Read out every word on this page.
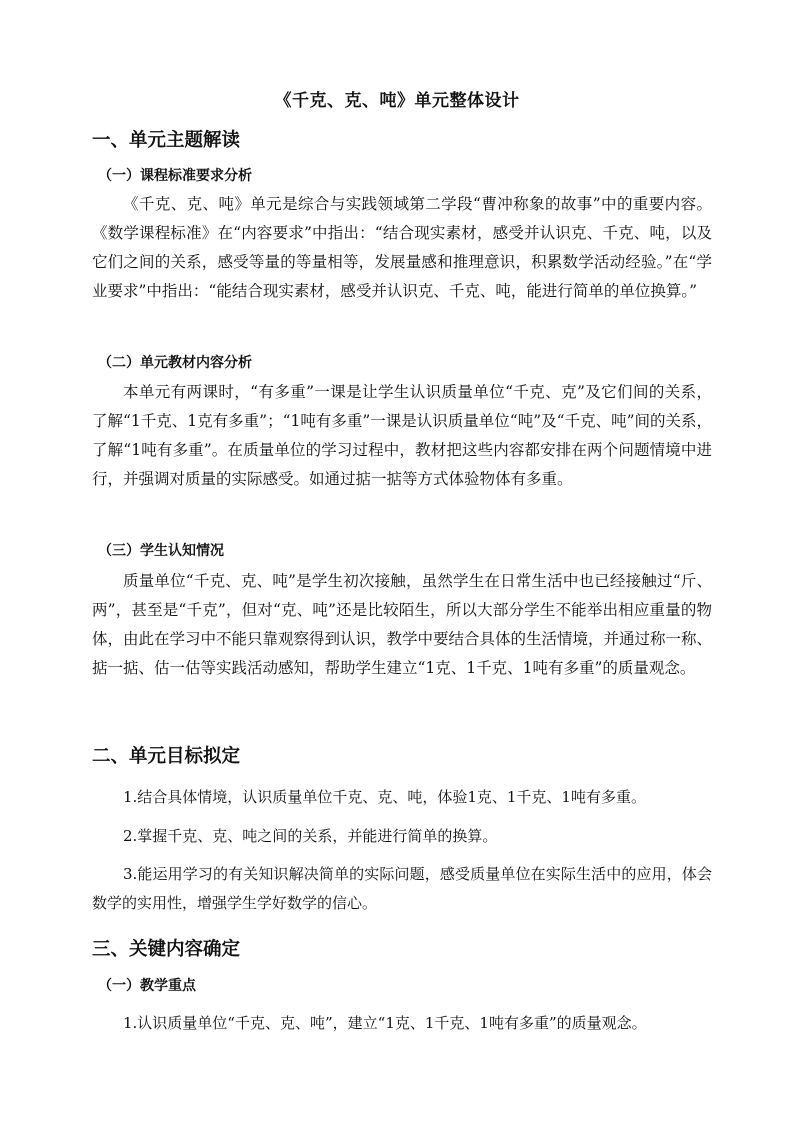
《千克、克、吨》单元整体设计
一、单元主题解读
（一）课程标准要求分析

《千克、克、吨》单元是综合与实践领域第二学段“曹冲称象的故事”中的重要内容。《数学课程标准》在“内容要求”中指出：“结合现实素材，感受并认识克、千克、吨，以及它们之间的关系，感受等量的等量相等，发展量感和推理意识，积累数学活动经验。”在“学业要求”中指出：“能结合现实素材，感受并认识克、千克、吨，能进行简单的单位换算。”

（二）单元教材内容分析

本单元有两课时，“有多重”一课是让学生认识质量单位“千克、克”及它们间的关系，了解“1千克、1克有多重”；“1吨有多重”一课是认识质量单位“吨”及“千克、吨”间的关系，了解“1吨有多重”。在质量单位的学习过程中，教材把这些内容都安排在两个问题情境中进行，并强调对质量的实际感受。如通过掂一掂等方式体验物体有多重。

（三）学生认知情况

质量单位“千克、克、吨”是学生初次接触，虽然学生在日常生活中也已经接触过“斤、两”，甚至是“千克”，但对“克、吨”还是比较陌生，所以大部分学生不能举出相应重量的物体，由此在学习中不能只靠观察得到认识，教学中要结合具体的生活情境，并通过称一称、掂一掂、估一估等实践活动感知，帮助学生建立“1克、1千克、1吨有多重”的质量观念。

二、单元目标拟定

1.结合具体情境，认识质量单位千克、克、吨，体验1克、1千克、1吨有多重。

2.掌握千克、克、吨之间的关系，并能进行简单的换算。

3.能运用学习的有关知识解决简单的实际问题，感受质量单位在实际生活中的应用，体会数学的实用性，增强学生学好数学的信心。

三、关键内容确定
（一）教学重点

1.认识质量单位“千克、克、吨”，建立“1克、1千克、1吨有多重”的质量观念。
